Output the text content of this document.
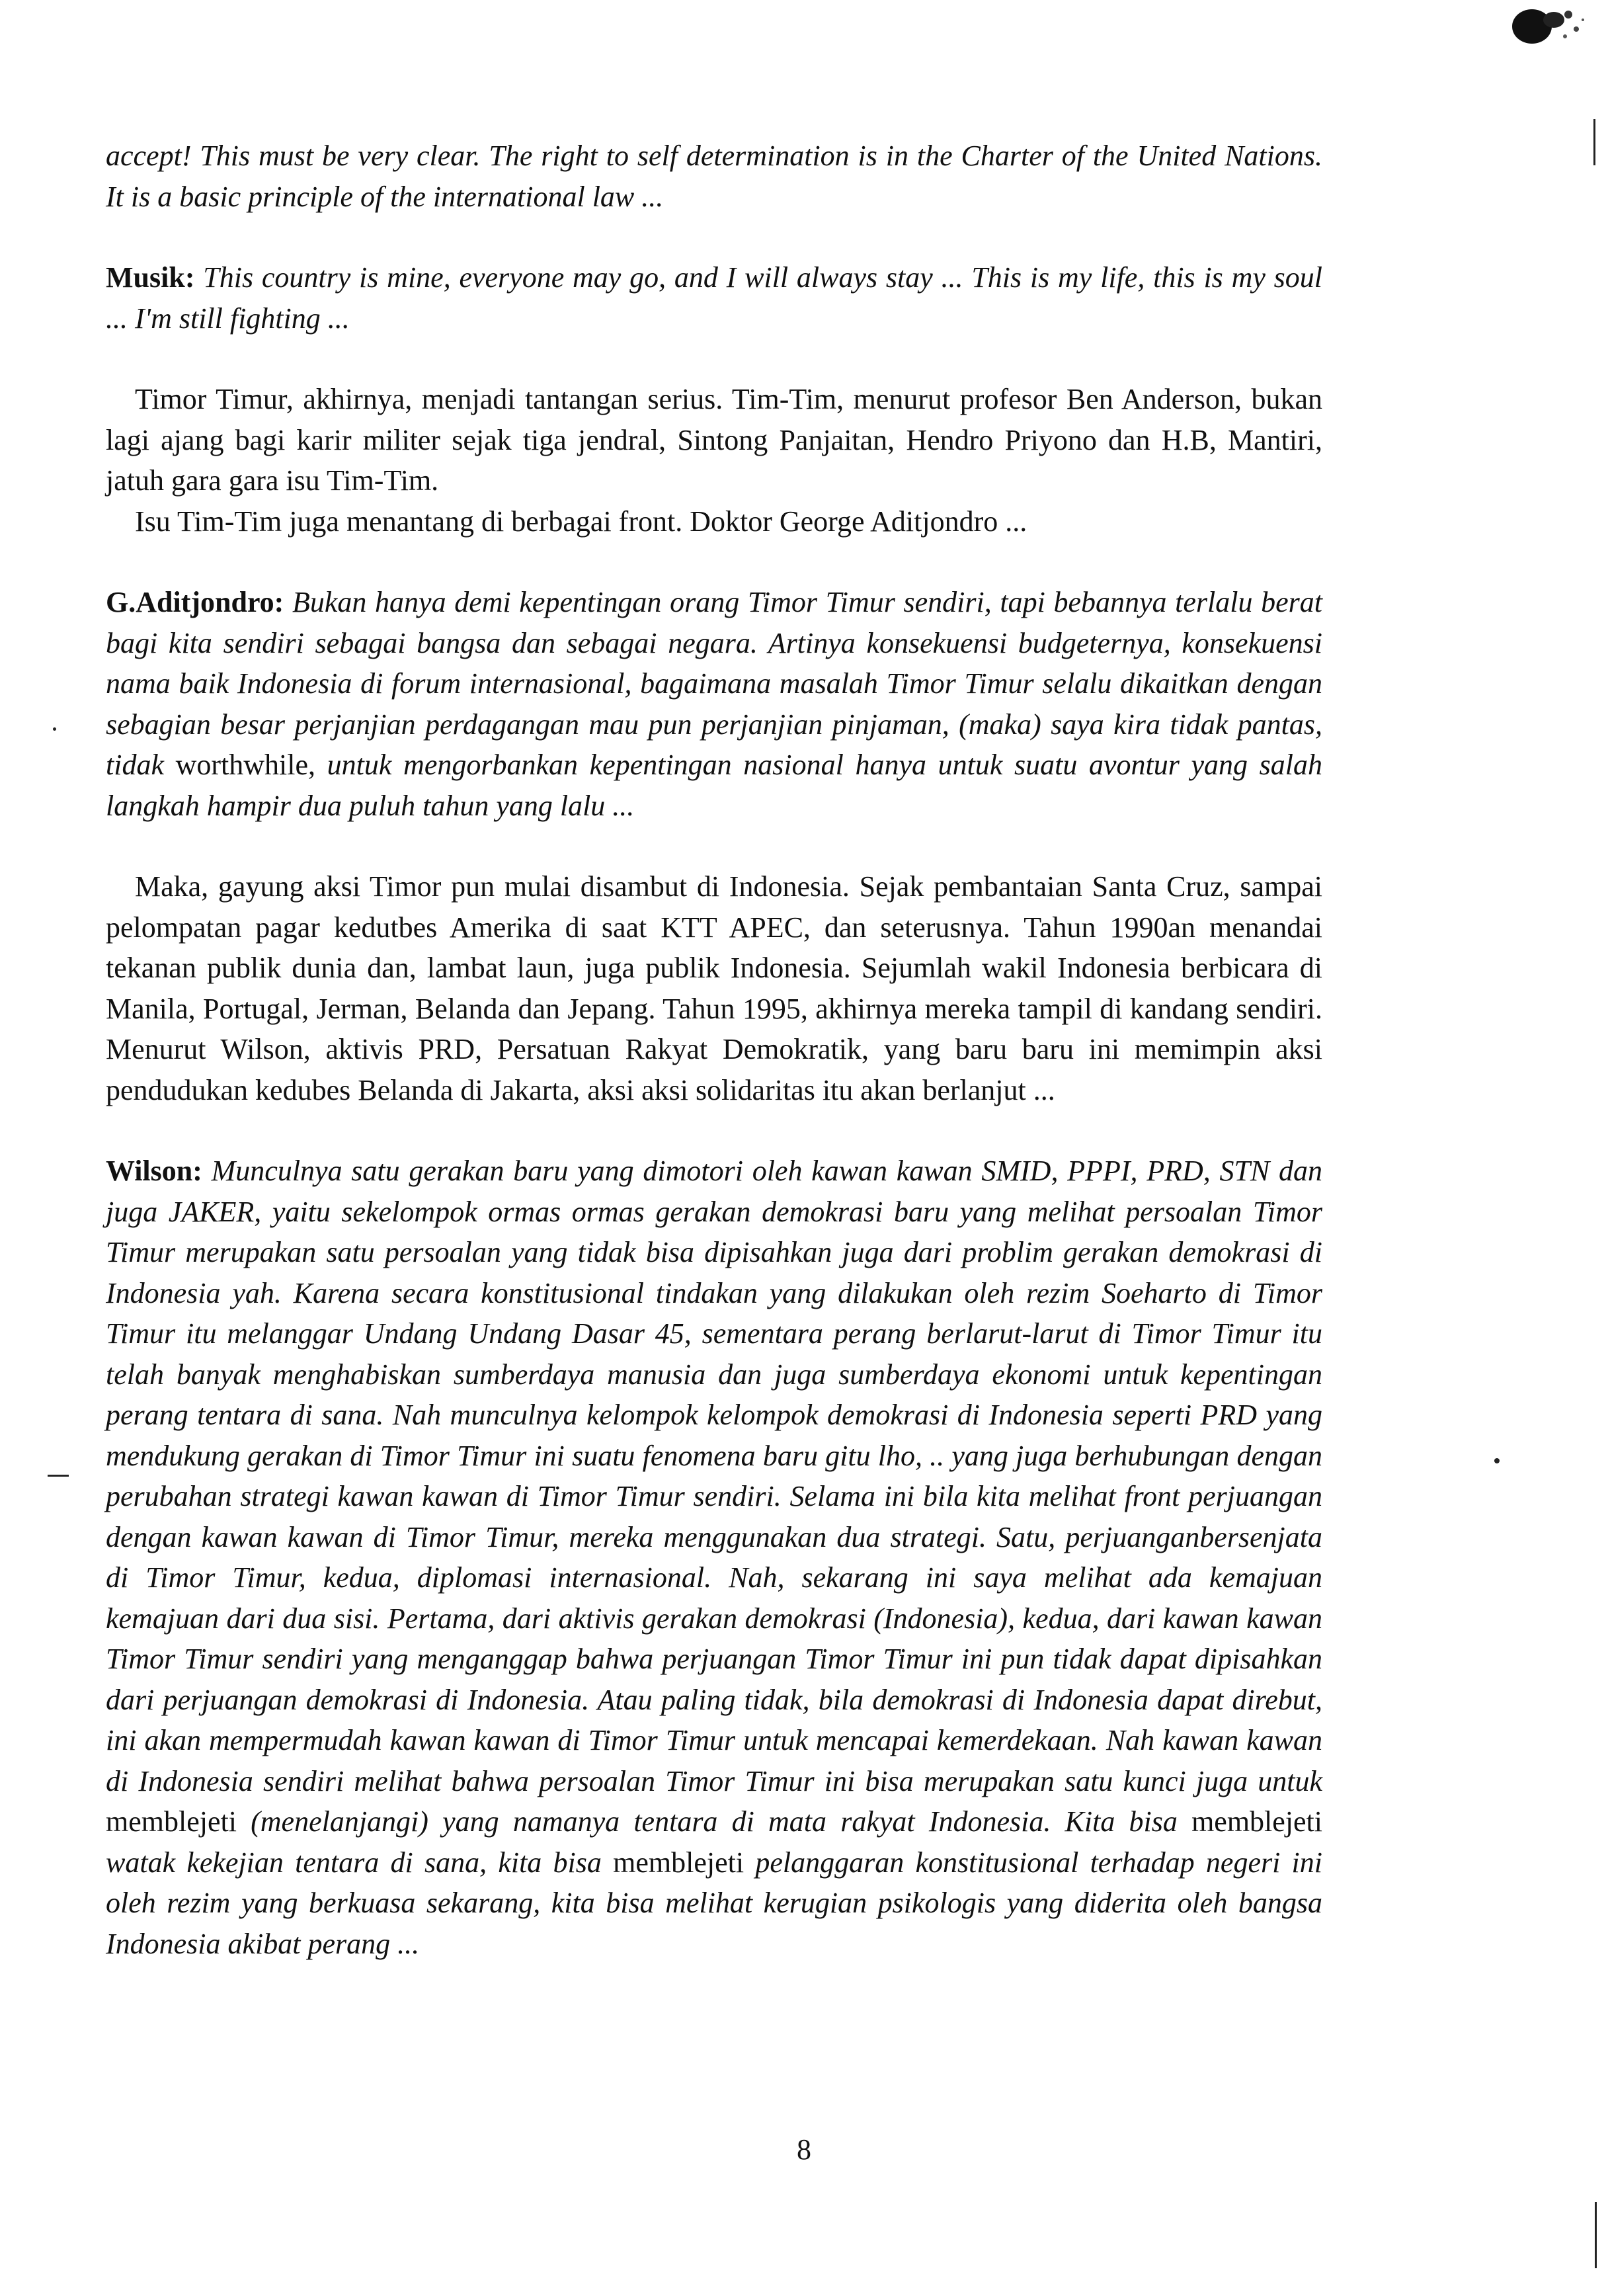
accept! This must be very clear. The right to self determination is in the Charter of the United Nations. It is a basic principle of the international law ...

Musik: This country is mine, everyone may go, and I will always stay ... This is my life, this is my soul ... I'm still fighting ...

Timor Timur, akhirnya, menjadi tantangan serius. Tim-Tim, menurut profesor Ben Anderson, bukan lagi ajang bagi karir militer sejak tiga jendral, Sintong Panjaitan, Hendro Priyono dan H.B, Mantiri, jatuh gara gara isu Tim-Tim.

Isu Tim-Tim juga menantang di berbagai front. Doktor George Aditjondro ...

G.Aditjondro: Bukan hanya demi kepentingan orang Timor Timur sendiri, tapi bebannya terlalu berat bagi kita sendiri sebagai bangsa dan sebagai negara. Artinya konsekuensi budgeternya, konsekuensi nama baik Indonesia di forum internasional, bagaimana masalah Timor Timur selalu dikaitkan dengan sebagian besar perjanjian perdagangan mau pun perjanjian pinjaman, (maka) saya kira tidak pantas, tidak worthwhile, untuk mengorbankan kepentingan nasional hanya untuk suatu avontur yang salah langkah hampir dua puluh tahun yang lalu ...

Maka, gayung aksi Timor pun mulai disambut di Indonesia. Sejak pembantaian Santa Cruz, sampai pelompatan pagar kedutbes Amerika di saat KTT APEC, dan seterusnya. Tahun 1990an menandai tekanan publik dunia dan, lambat laun, juga publik Indonesia. Sejumlah wakil Indonesia berbicara di Manila, Portugal, Jerman, Belanda dan Jepang. Tahun 1995, akhirnya mereka tampil di kandang sendiri. Menurut Wilson, aktivis PRD, Persatuan Rakyat Demokratik, yang baru baru ini memimpin aksi pendudukan kedubes Belanda di Jakarta, aksi aksi solidaritas itu akan berlanjut ...

Wilson: Munculnya satu gerakan baru yang dimotori oleh kawan kawan SMID, PPPI, PRD, STN dan juga JAKER, yaitu sekelompok ormas ormas gerakan demokrasi baru yang melihat persoalan Timor Timur merupakan satu persoalan yang tidak bisa dipisahkan juga dari problim gerakan demokrasi di Indonesia yah. Karena secara konstitusional tindakan yang dilakukan oleh rezim Soeharto di Timor Timur itu melanggar Undang Undang Dasar 45, sementara perang berlarut-larut di Timor Timur itu telah banyak menghabiskan sumberdaya manusia dan juga sumberdaya ekonomi untuk kepentingan perang tentara di sana. Nah munculnya kelompok kelompok demokrasi di Indonesia seperti PRD yang mendukung gerakan di Timor Timur ini suatu fenomena baru gitu lho, .. yang juga berhubungan dengan perubahan strategi kawan kawan di Timor Timur sendiri. Selama ini bila kita melihat front perjuangan dengan kawan kawan di Timor Timur, mereka menggunakan dua strategi. Satu, perjuanganbersenjata di Timor Timur, kedua, diplomasi internasional. Nah, sekarang ini saya melihat ada kemajuan kemajuan dari dua sisi. Pertama, dari aktivis gerakan demokrasi (Indonesia), kedua, dari kawan kawan Timor Timur sendiri yang menganggap bahwa perjuangan Timor Timur ini pun tidak dapat dipisahkan dari perjuangan demokrasi di Indonesia. Atau paling tidak, bila demokrasi di Indonesia dapat direbut, ini akan mempermudah kawan kawan di Timor Timur untuk mencapai kemerdekaan. Nah kawan kawan di Indonesia sendiri melihat bahwa persoalan Timor Timur ini bisa merupakan satu kunci juga untuk memblejeti (menelanjangi) yang namanya tentara di mata rakyat Indonesia. Kita bisa memblejeti watak kekejian tentara di sana, kita bisa memblejeti pelanggaran konstitusional terhadap negeri ini oleh rezim yang berkuasa sekarang, kita bisa melihat kerugian psikologis yang diderita oleh bangsa Indonesia akibat perang ...

8
